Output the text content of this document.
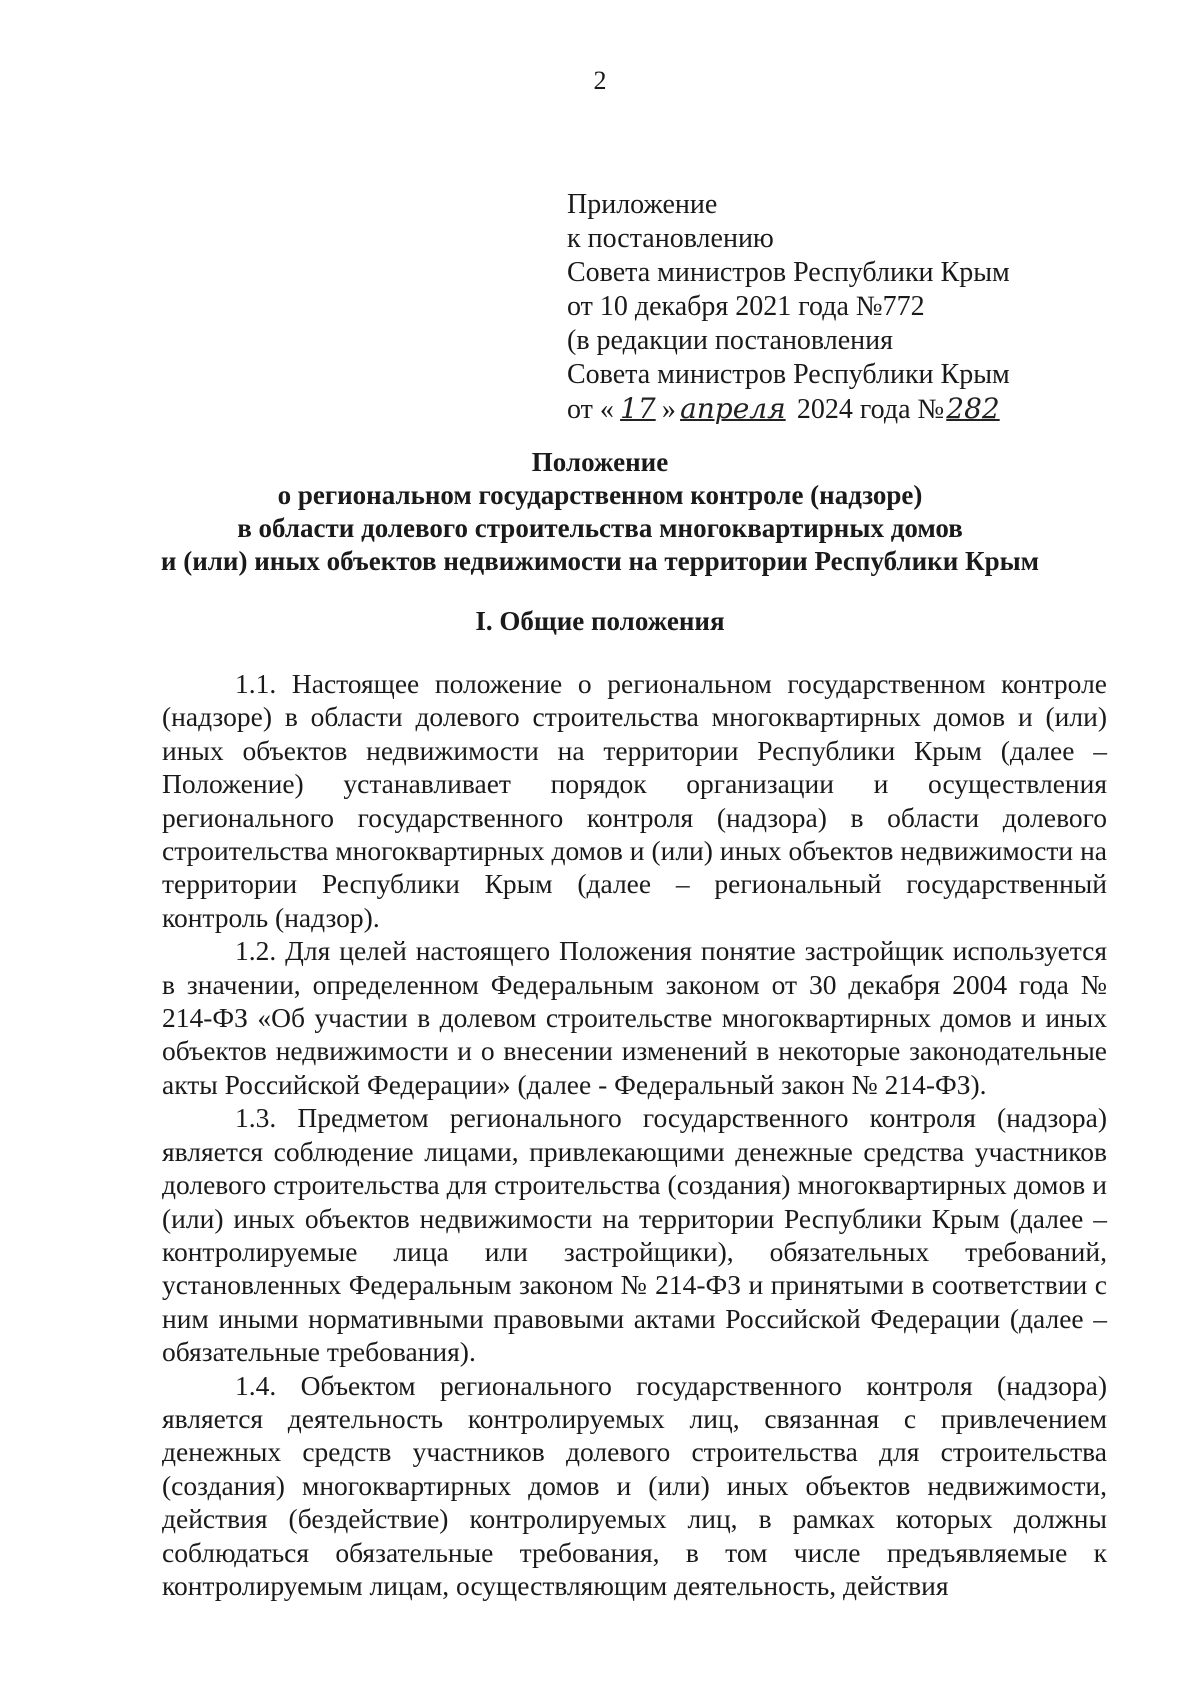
2
Приложение
к постановлению
Совета министров Республики Крым
от 10 декабря 2021 года №772
(в редакции постановления
Совета министров Республики Крым
от « 17 » апреля 2024 года №282
Положение
о региональном государственном контроле (надзоре)
в области долевого строительства многоквартирных домов
и (или) иных объектов недвижимости на территории Республики Крым
I. Общие положения

1.1. Настоящее положение о региональном государственном контроле (надзоре) в области долевого строительства многоквартирных домов и (или) иных объектов недвижимости на территории Республики Крым (далее – Положение) устанавливает порядок организации и осуществления регионального государственного контроля (надзора) в области долевого строительства многоквартирных домов и (или) иных объектов недвижимости на территории Республики Крым (далее – региональный государственный контроль (надзор).

1.2. Для целей настоящего Положения понятие застройщик используется в значении, определенном Федеральным законом от 30 декабря 2004 года № 214-ФЗ «Об участии в долевом строительстве многоквартирных домов и иных объектов недвижимости и о внесении изменений в некоторые законодательные акты Российской Федерации» (далее - Федеральный закон № 214-ФЗ).

1.3. Предметом регионального государственного контроля (надзора) является соблюдение лицами, привлекающими денежные средства участников долевого строительства для строительства (создания) многоквартирных домов и (или) иных объектов недвижимости на территории Республики Крым (далее – контролируемые лица или застройщики), обязательных требований, установленных Федеральным законом № 214-ФЗ и принятыми в соответствии с ним иными нормативными правовыми актами Российской Федерации (далее – обязательные требования).

1.4. Объектом регионального государственного контроля (надзора) является деятельность контролируемых лиц, связанная с привлечением денежных средств участников долевого строительства для строительства (создания) многоквартирных домов и (или) иных объектов недвижимости, действия (бездействие) контролируемых лиц, в рамках которых должны соблюдаться обязательные требования, в том числе предъявляемые к контролируемым лицам, осуществляющим деятельность, действия
